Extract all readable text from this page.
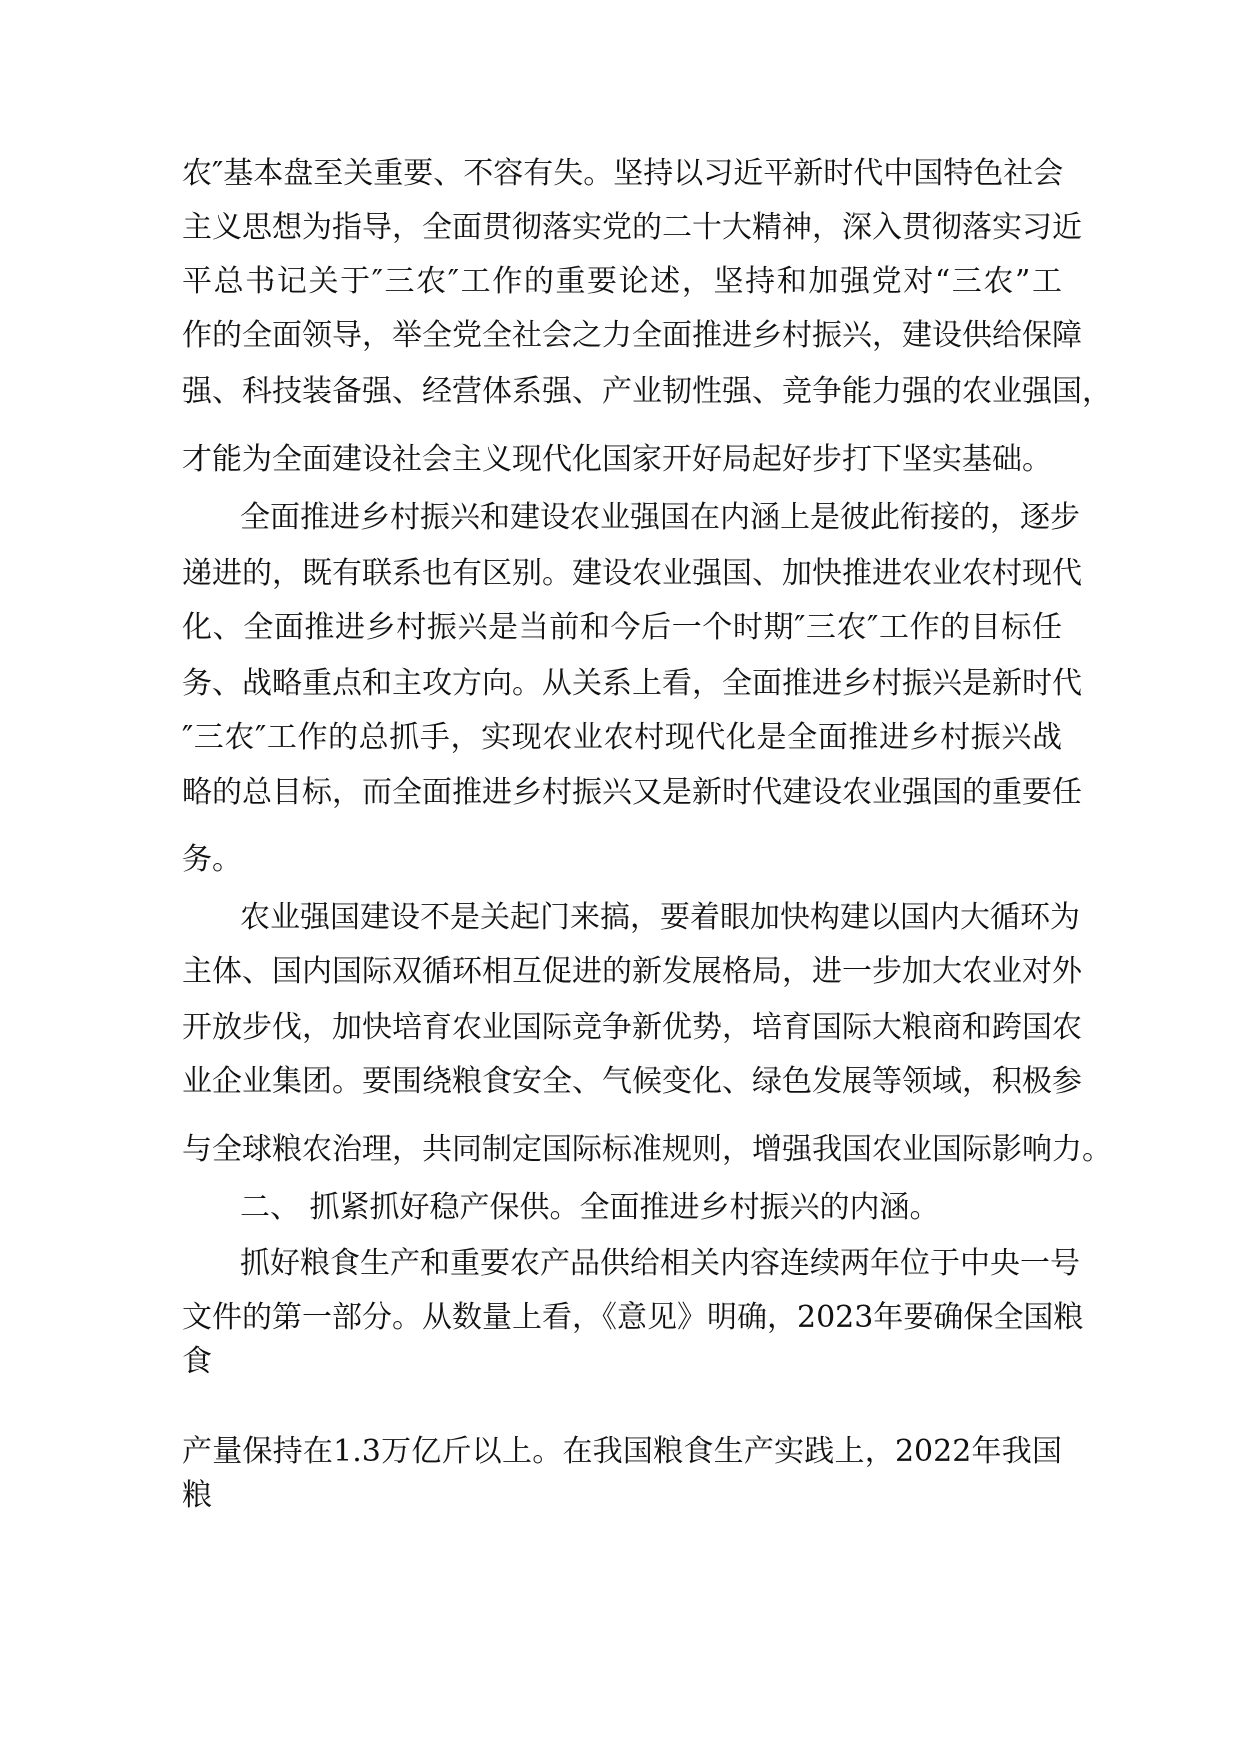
农″基本盘至关重要、不容有失。坚持以习近平新时代中国特色社会
主义思想为指导，全面贯彻落实党的二十大精神，深入贯彻落实习近
平总书记关于″三农″工作的重要论述，坚持和加强党对“三农”工
作的全面领导，举全党全社会之力全面推进乡村振兴，建设供给保障
强、科技装备强、经营体系强、产业韧性强、竞争能力强的农业强国，
才能为全面建设社会主义现代化国家开好局起好步打下坚实基础。
全面推进乡村振兴和建设农业强国在内涵上是彼此衔接的，逐步
递进的，既有联系也有区别。建设农业强国、加快推进农业农村现代
化、全面推进乡村振兴是当前和今后一个时期″三农″工作的目标任
务、战略重点和主攻方向。从关系上看，全面推进乡村振兴是新时代
″三农″工作的总抓手，实现农业农村现代化是全面推进乡村振兴战
略的总目标，而全面推进乡村振兴又是新时代建设农业强国的重要任
务。
农业强国建设不是关起门来搞，要着眼加快构建以国内大循环为
主体、国内国际双循环相互促进的新发展格局，进一步加大农业对外
开放步伐，加快培育农业国际竞争新优势，培育国际大粮商和跨国农
业企业集团。要围绕粮食安全、气候变化、绿色发展等领域，积极参
与全球粮农治理，共同制定国际标准规则，增强我国农业国际影响力。
二、 抓紧抓好稳产保供。全面推进乡村振兴的内涵。
抓好粮食生产和重要农产品供给相关内容连续两年位于中央一号
文件的第一部分。从数量上看，《意见》明确，2023年要确保全国粮
食
产量保持在1.3万亿斤以上。在我国粮食生产实践上，2022年我国
粮
